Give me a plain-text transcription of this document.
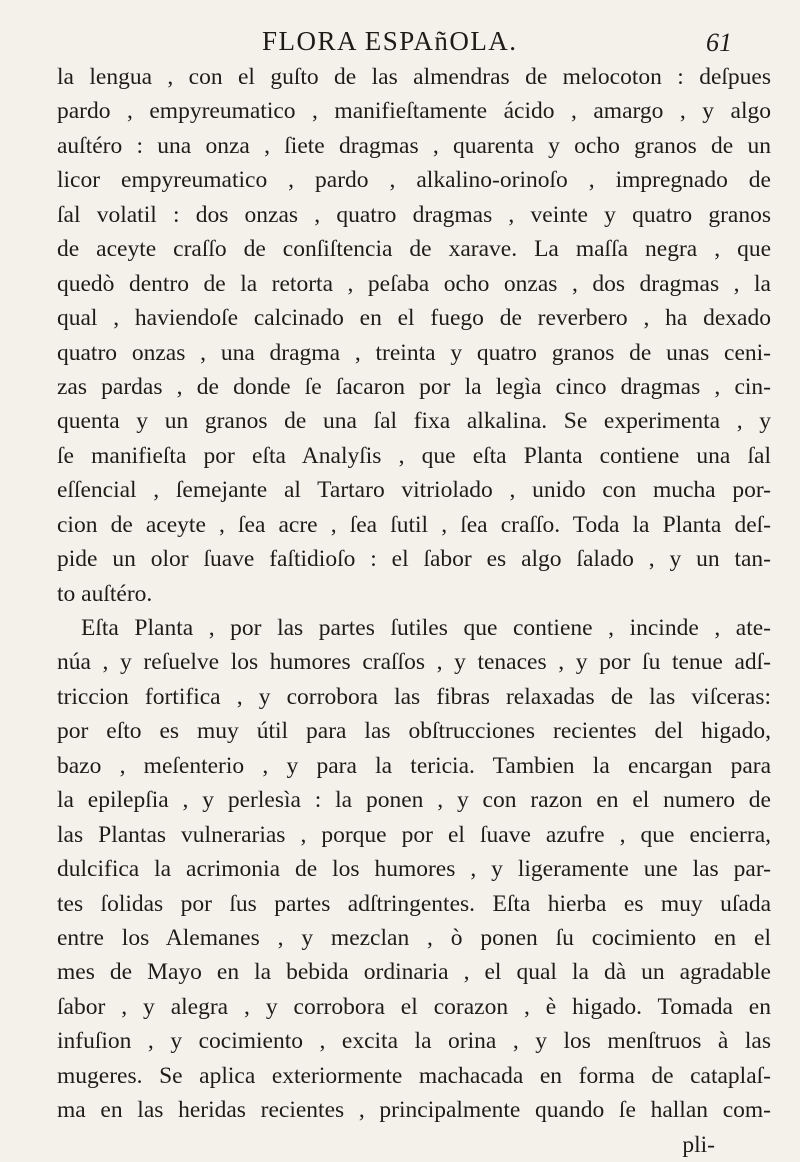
FLORA ESPAñOLA.	61
la lengua , con el guſto de las almendras de melocoton : deſpues
pardo , empyreumatico , manifieſtamente ácido , amargo , y algo
auſtéro : una onza , ſiete dragmas , quarenta y ocho granos de un
licor empyreumatico , pardo , alkalino-orinoſo , impregnado de
ſal volatil : dos onzas , quatro dragmas , veinte y quatro granos
de aceyte craſſo de conſiſtencia de xarave. La maſſa negra , que
quedò dentro de la retorta , peſaba ocho onzas , dos dragmas , la
qual , haviendoſe calcinado en el fuego de reverbero , ha dexado
quatro onzas , una dragma , treinta y quatro granos de unas ceni-
zas pardas , de donde ſe ſacaron por la legìa cinco dragmas , cin-
quenta y un granos de una ſal fixa alkalina. Se experimenta , y
ſe manifieſta por eſta Analyſis , que eſta Planta contiene una ſal
eſſencial , ſemejante al Tartaro vitriolado , unido con mucha por-
cion de aceyte , ſea acre , ſea ſutil , ſea craſſo. Toda la Planta deſ-
pide un olor ſuave faſtidioſo : el ſabor es algo ſalado , y un tan-
to auſtéro.
Eſta Planta , por las partes ſutiles que contiene , incinde , ate-
núa , y reſuelve los humores craſſos , y tenaces , y por ſu tenue adſ-
triccion fortifica , y corrobora las fibras relaxadas de las viſceras:
por eſto es muy útil para las obſtrucciones recientes del higado,
bazo , meſenterio , y para la tericia. Tambien la encargan para
la epilepſia , y perlesìa : la ponen , y con razon en el numero de
las Plantas vulnerarias , porque por el ſuave azufre , que encierra,
dulcifica la acrimonia de los humores , y ligeramente une las par-
tes ſolidas por ſus partes adſtringentes. Eſta hierba es muy uſada
entre los Alemanes , y mezclan , ò ponen ſu cocimiento en el
mes de Mayo en la bebida ordinaria , el qual la dà un agradable
ſabor , y alegra , y corrobora el corazon , è higado. Tomada en
infuſion , y cocimiento , excita la orina , y los menſtruos à las
mugeres. Se aplica exteriormente machacada en forma de cataplaſ-
ma en las heridas recientes , principalmente quando ſe hallan com-
pli-
